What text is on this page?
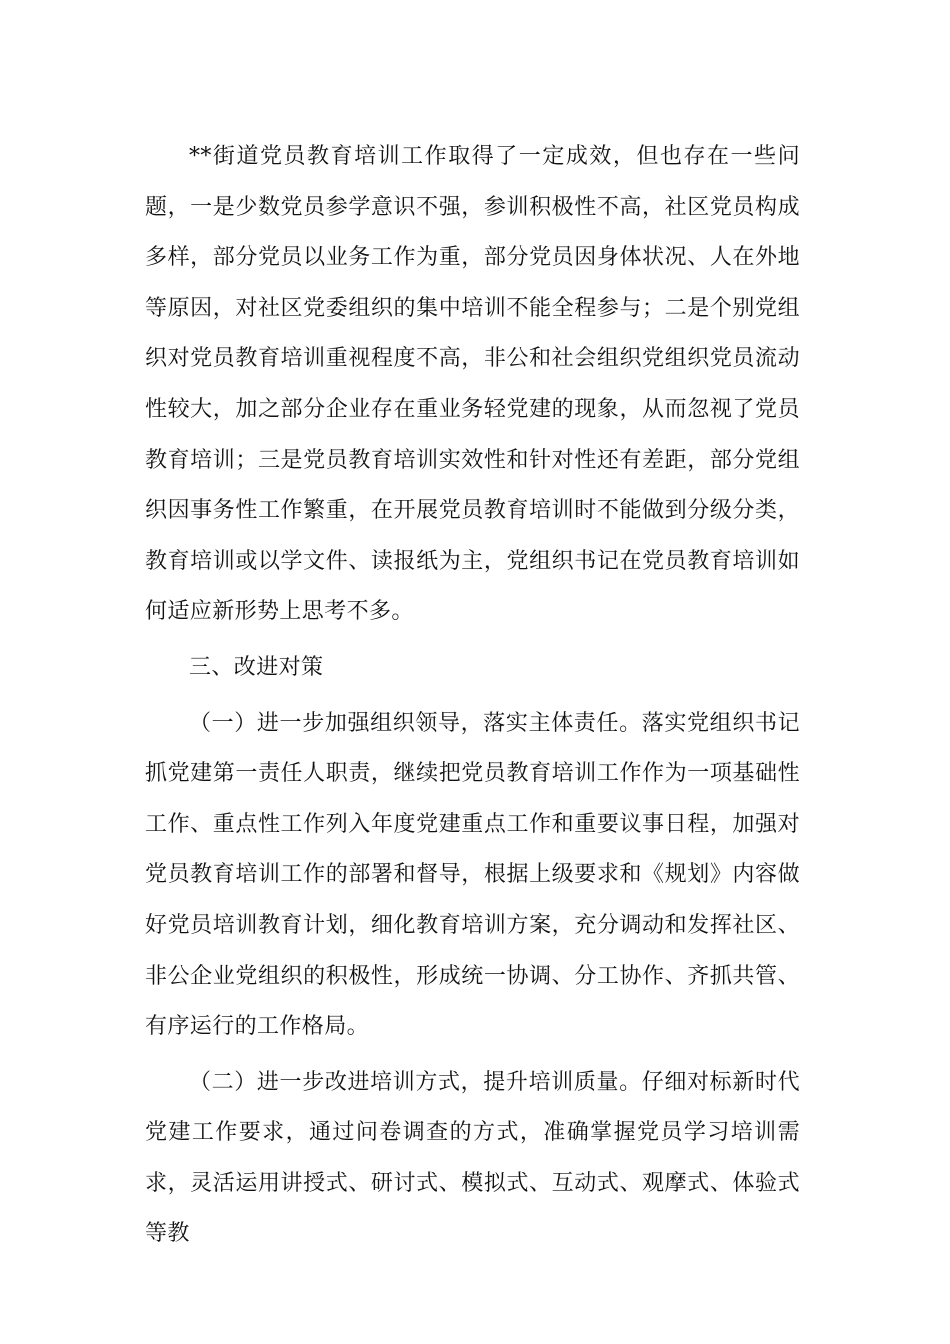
**街道党员教育培训工作取得了一定成效，但也存在一些问题，一是少数党员参学意识不强，参训积极性不高，社区党员构成多样，部分党员以业务工作为重，部分党员因身体状况、人在外地等原因，对社区党委组织的集中培训不能全程参与；二是个别党组织对党员教育培训重视程度不高，非公和社会组织党组织党员流动性较大，加之部分企业存在重业务轻党建的现象，从而忽视了党员教育培训；三是党员教育培训实效性和针对性还有差距，部分党组织因事务性工作繁重，在开展党员教育培训时不能做到分级分类，教育培训或以学文件、读报纸为主，党组织书记在党员教育培训如何适应新形势上思考不多。

三、改进对策

（一）进一步加强组织领导，落实主体责任。落实党组织书记抓党建第一责任人职责，继续把党员教育培训工作作为一项基础性工作、重点性工作列入年度党建重点工作和重要议事日程，加强对党员教育培训工作的部署和督导，根据上级要求和《规划》内容做好党员培训教育计划，细化教育培训方案，充分调动和发挥社区、非公企业党组织的积极性，形成统一协调、分工协作、齐抓共管、有序运行的工作格局。

（二）进一步改进培训方式，提升培训质量。仔细对标新时代党建工作要求，通过问卷调查的方式，准确掌握党员学习培训需求，灵活运用讲授式、研讨式、模拟式、互动式、观摩式、体验式等教
